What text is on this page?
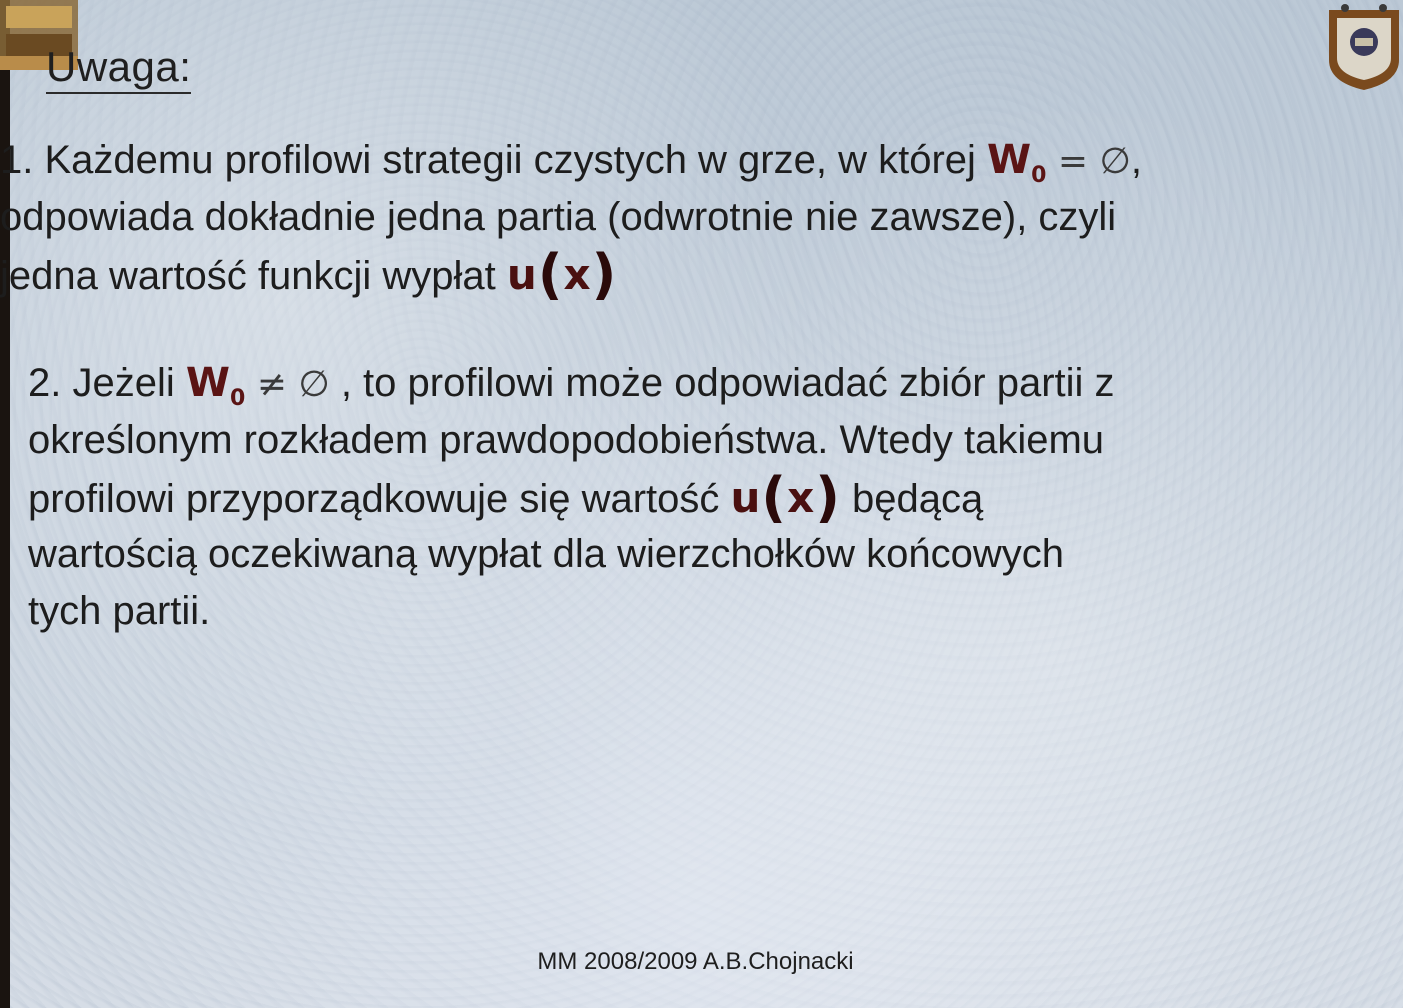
Uwaga:
1. Każdemu profilowi strategii czystych w grze, w której $W_0$ = ∅,
odpowiada dokładnie jedna partia (odwrotnie nie zawsze), czyli
jedna wartość funkcji wypłat u(x)
2. Jeżeli $W_0$ ≠ ∅ , to profilowi może odpowiadać zbiór partii z
określonym rozkładem prawdopodobieństwa. Wtedy takiemu
profilowi przyporządkowuje się wartość u(x) będącą
wartością oczekiwaną wypłat dla wierzchołków końcowych
tych partii.
MM 2008/2009 A.B.Chojnacki
